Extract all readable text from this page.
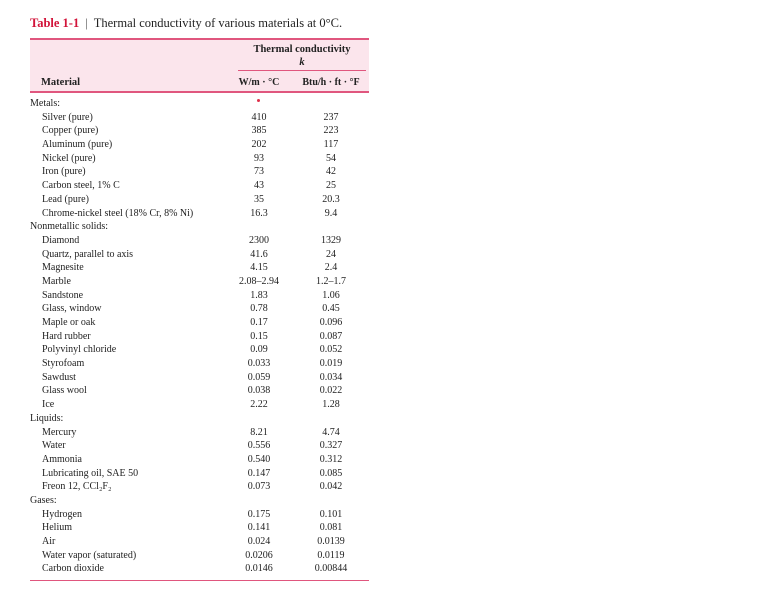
Table 1-1 | Thermal conductivity of various materials at 0°C.
Thermal conductivity
k
Material	W/m · °C	Btu/h · ft · °F
Metals:
Silver (pure)	410	237
Copper (pure)	385	223
Aluminum (pure)	202	117
Nickel (pure)	93	54
Iron (pure)	73	42
Carbon steel, 1% C	43	25
Lead (pure)	35	20.3
Chrome-nickel steel (18% Cr, 8% Ni)	16.3	9.4
Nonmetallic solids:
Diamond	2300	1329
Quartz, parallel to axis	41.6	24
Magnesite	4.15	2.4
Marble	2.08–2.94	1.2–1.7
Sandstone	1.83	1.06
Glass, window	0.78	0.45
Maple or oak	0.17	0.096
Hard rubber	0.15	0.087
Polyvinyl chloride	0.09	0.052
Styrofoam	0.033	0.019
Sawdust	0.059	0.034
Glass wool	0.038	0.022
Ice	2.22	1.28
Liquids:
Mercury	8.21	4.74
Water	0.556	0.327
Ammonia	0.540	0.312
Lubricating oil, SAE 50	0.147	0.085
Freon 12, CCl₂F₂	0.073	0.042
Gases:
Hydrogen	0.175	0.101
Helium	0.141	0.081
Air	0.024	0.0139
Water vapor (saturated)	0.0206	0.0119
Carbon dioxide	0.0146	0.00844
